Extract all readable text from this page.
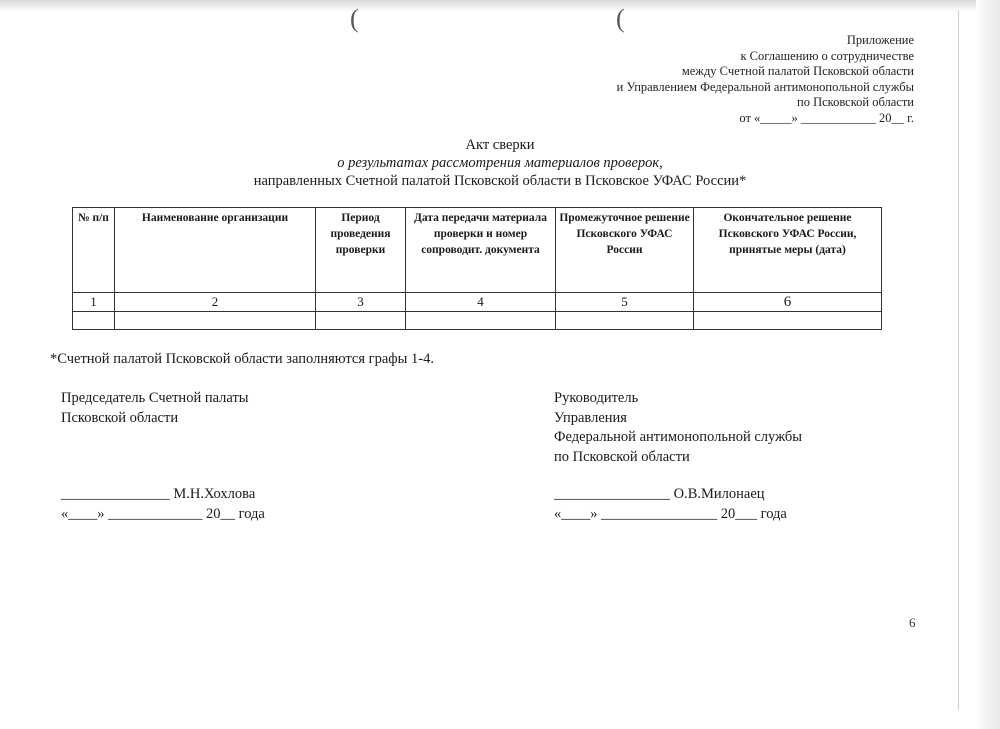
(	(
Приложение
к Соглашению о сотрудничестве
между Счетной палатой Псковской области
и Управлением Федеральной антимонопольной службы
по Псковской области
от «_____» ____________ 20__ г.
Акт сверки
о результатах рассмотрения материалов проверок,
направленных Счетной палатой Псковской области в Псковское УФАС России*
№ п/п	Наименование организации	Период проведения проверки	Дата передачи материала проверки и номер сопроводит. документа	Промежуточное решение Псковского УФАС России	Окончательное решение Псковского УФАС России, принятые меры (дата)
1	2	3	4	5	6

*Счетной палатой Псковской области заполняются графы 1-4.
Председатель Счетной палаты
Псковской области
_______________ М.Н.Хохлова
«____» _____________ 20__ года
Руководитель
Управления
Федеральной антимонопольной службы
по Псковской области
________________ О.В.Милонаец
«____» ________________ 20___ года
6
